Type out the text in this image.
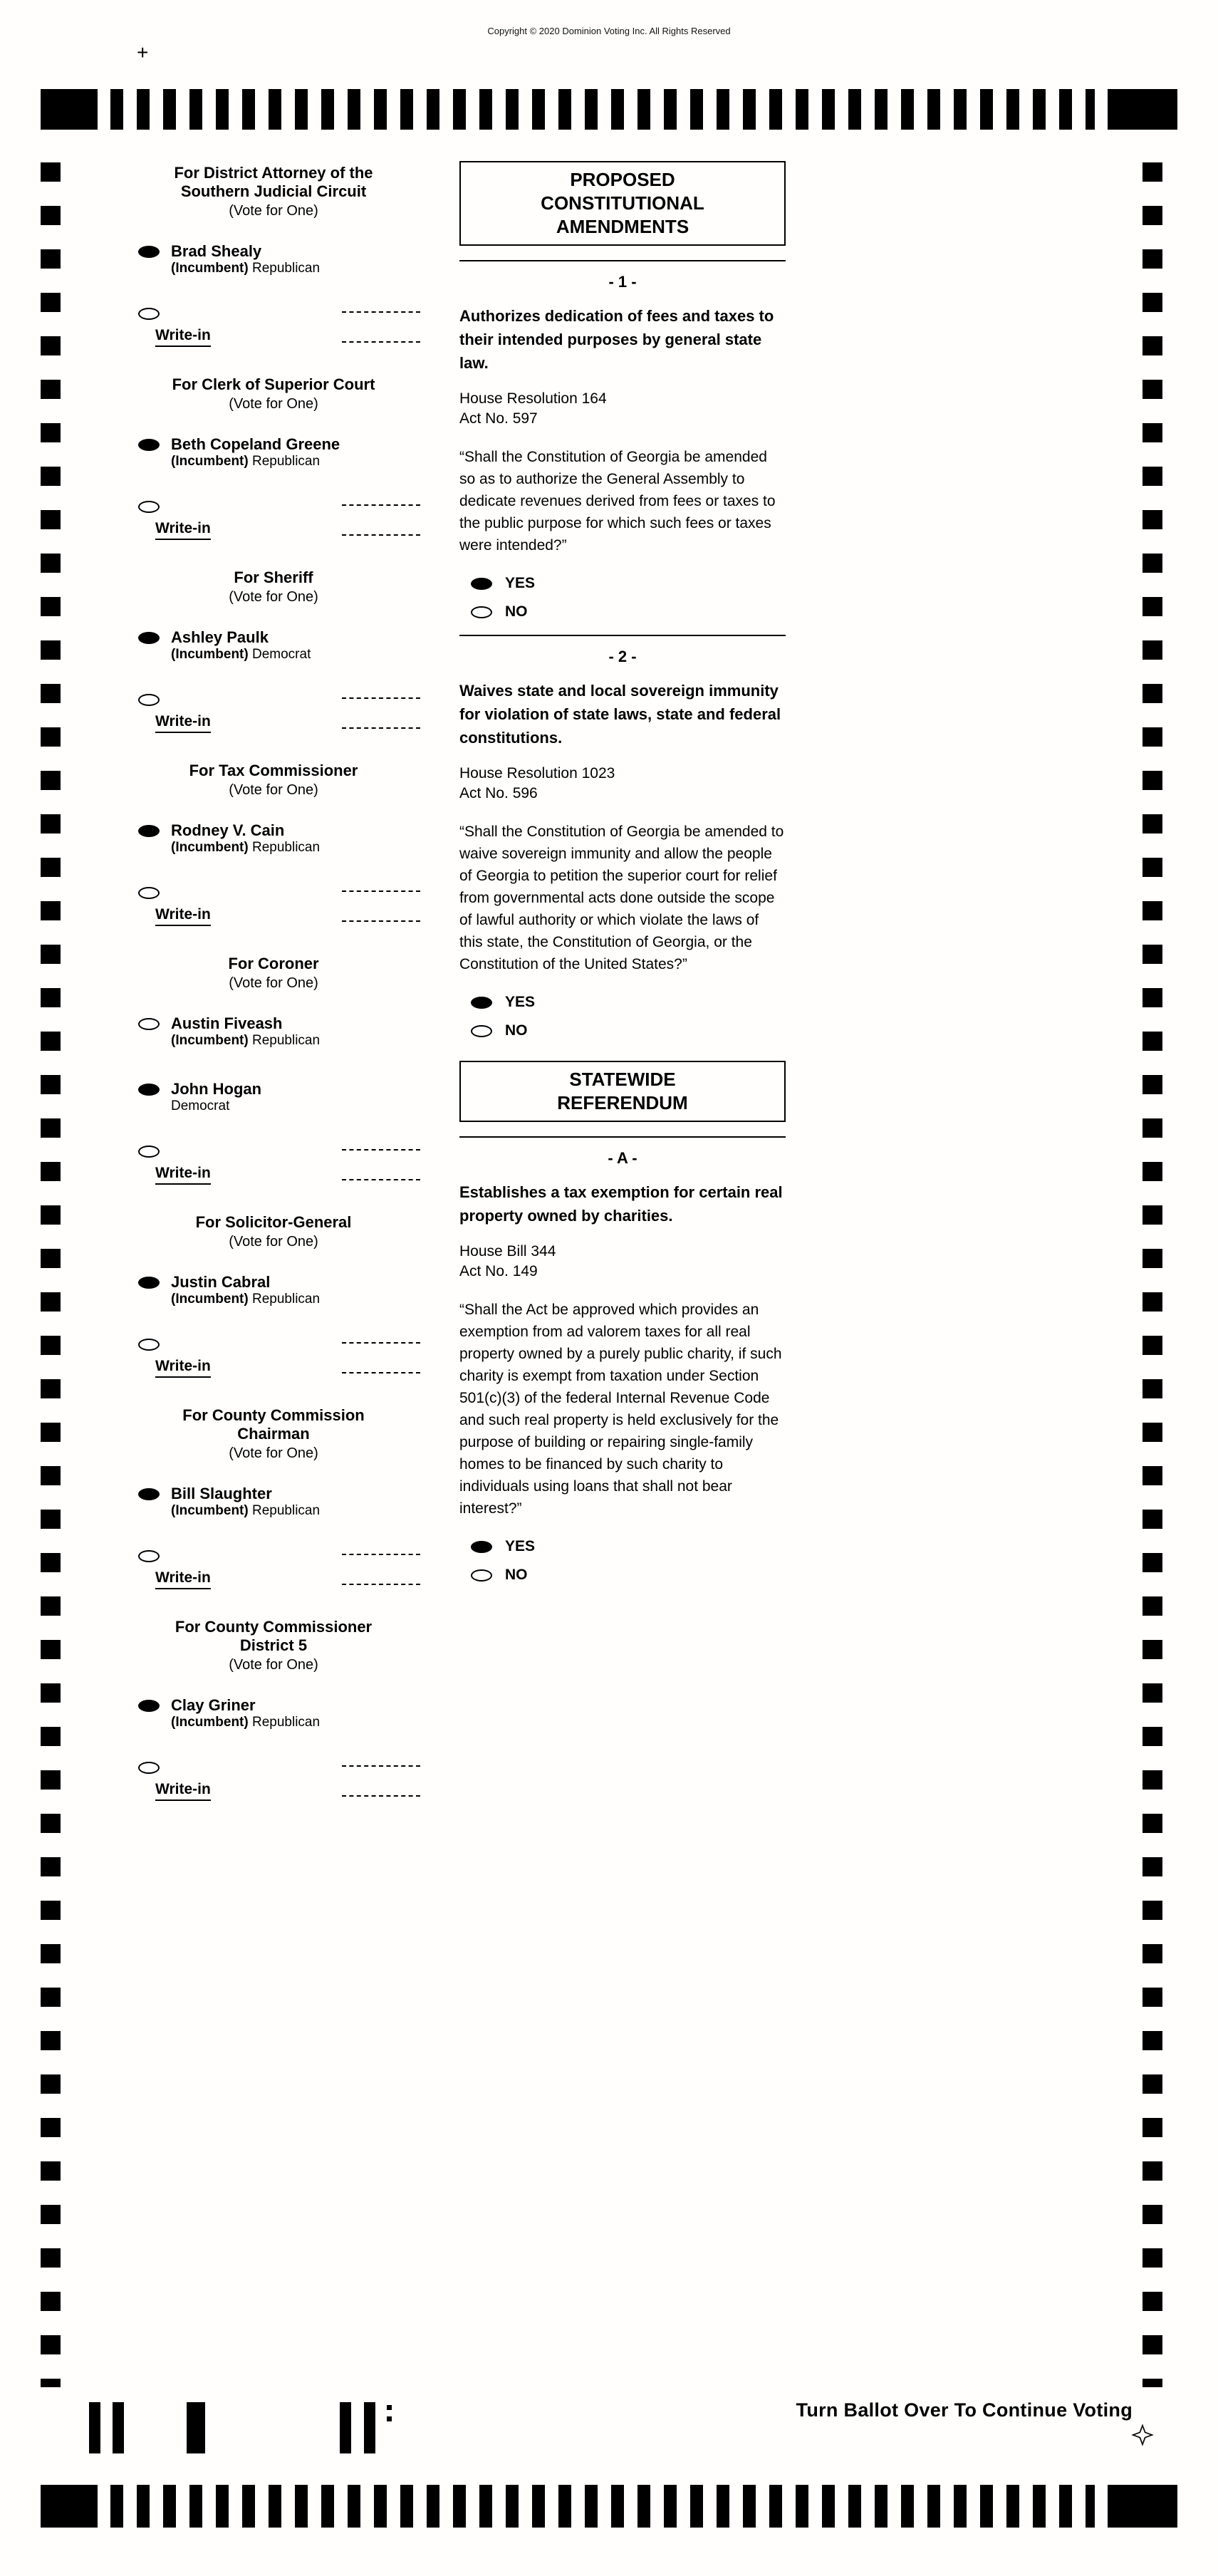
Copyright © 2020 Dominion Voting Inc. All Rights Reserved
+
For District Attorney of the Southern Judicial Circuit
(Vote for One)
Brad Shealy
(Incumbent) Republican
Write-in
For Clerk of Superior Court
(Vote for One)
Beth Copeland Greene
(Incumbent) Republican
Write-in
For Sheriff
(Vote for One)
Ashley Paulk
(Incumbent) Democrat
Write-in
For Tax Commissioner
(Vote for One)
Rodney V. Cain
(Incumbent) Republican
Write-in
For Coroner
(Vote for One)
Austin Fiveash
(Incumbent) Republican
John Hogan
Democrat
Write-in
For Solicitor-General
(Vote for One)
Justin Cabral
(Incumbent) Republican
Write-in
For County Commission Chairman
(Vote for One)
Bill Slaughter
(Incumbent) Republican
Write-in
For County Commissioner District 5
(Vote for One)
Clay Griner
(Incumbent) Republican
Write-in
PROPOSED CONSTITUTIONAL AMENDMENTS
- 1 -
Authorizes dedication of fees and taxes to their intended purposes by general state law.
House Resolution 164
Act No. 597
“Shall the Constitution of Georgia be amended so as to authorize the General Assembly to dedicate revenues derived from fees or taxes to the public purpose for which such fees or taxes were intended?”
YES
NO
- 2 -
Waives state and local sovereign immunity for violation of state laws, state and federal constitutions.
House Resolution 1023
Act No. 596
“Shall the Constitution of Georgia be amended to waive sovereign immunity and allow the people of Georgia to petition the superior court for relief from governmental acts done outside the scope of lawful authority or which violate the laws of this state, the Constitution of Georgia, or the Constitution of the United States?”
YES
NO
STATEWIDE REFERENDUM
- A -
Establishes a tax exemption for certain real property owned by charities.
House Bill 344
Act No. 149
“Shall the Act be approved which provides an exemption from ad valorem taxes for all real property owned by a purely public charity, if such charity is exempt from taxation under Section 501(c)(3) of the federal Internal Revenue Code and such real property is held exclusively for the purpose of building or repairing single-family homes to be financed by such charity to individuals using loans that shall not bear interest?”
YES
NO
Turn Ballot Over To Continue Voting
